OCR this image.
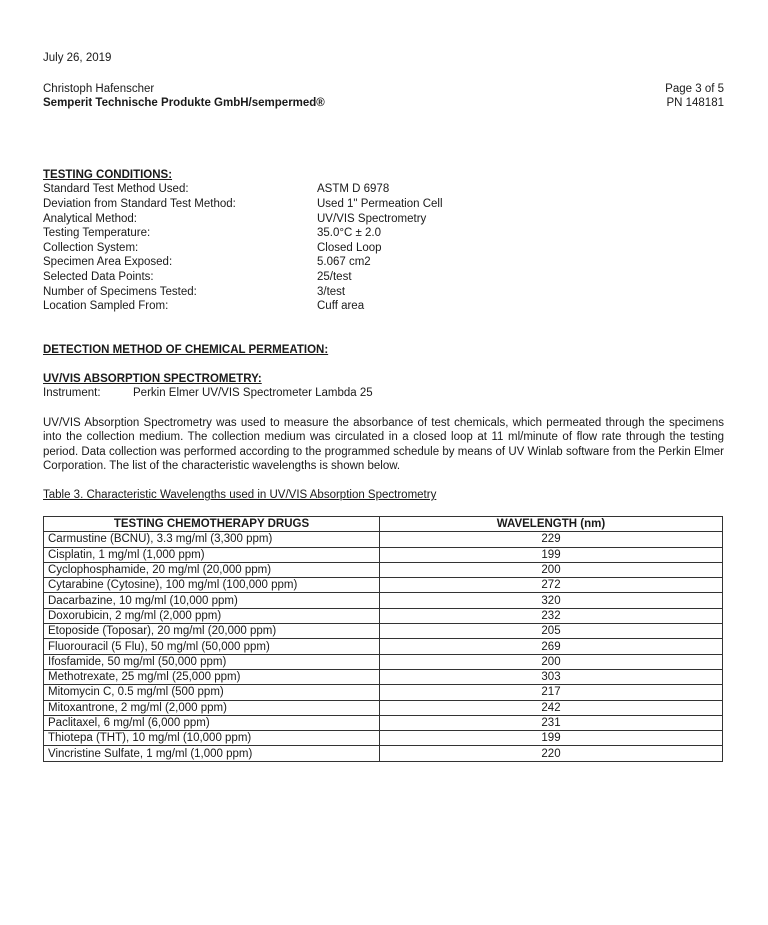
July 26, 2019
Christoph Hafenscher
Semperit Technische Produkte GmbH/sempermed®
Page 3 of 5
PN 148181
TESTING CONDITIONS:
Standard Test Method Used:	ASTM D 6978
Deviation from Standard Test Method:	Used 1" Permeation Cell
Analytical Method:	UV/VIS Spectrometry
Testing Temperature:	35.0°C ± 2.0
Collection System:	Closed Loop
Specimen Area Exposed:	5.067 cm2
Selected Data Points:	25/test
Number of Specimens Tested:	3/test
Location Sampled From:	Cuff area
DETECTION METHOD OF CHEMICAL PERMEATION:
UV/VIS ABSORPTION SPECTROMETRY:
Instrument:	Perkin Elmer UV/VIS Spectrometer Lambda 25
UV/VIS Absorption Spectrometry was used to measure the absorbance of test chemicals, which permeated through the specimens into the collection medium. The collection medium was circulated in a closed loop at 11 ml/minute of flow rate through the testing period. Data collection was performed according to the programmed schedule by means of UV Winlab software from the Perkin Elmer Corporation. The list of the characteristic wavelengths is shown below.
Table 3. Characteristic Wavelengths used in UV/VIS Absorption Spectrometry
TESTING CHEMOTHERAPY DRUGS	WAVELENGTH (nm)
Carmustine (BCNU), 3.3 mg/ml (3,300 ppm)	229
Cisplatin, 1 mg/ml (1,000 ppm)	199
Cyclophosphamide, 20 mg/ml (20,000 ppm)	200
Cytarabine (Cytosine), 100 mg/ml (100,000 ppm)	272
Dacarbazine, 10 mg/ml (10,000 ppm)	320
Doxorubicin, 2 mg/ml (2,000 ppm)	232
Etoposide (Toposar), 20 mg/ml (20,000 ppm)	205
Fluorouracil (5 Flu), 50 mg/ml (50,000 ppm)	269
Ifosfamide, 50 mg/ml (50,000 ppm)	200
Methotrexate, 25 mg/ml (25,000 ppm)	303
Mitomycin C, 0.5 mg/ml (500 ppm)	217
Mitoxantrone, 2 mg/ml (2,000 ppm)	242
Paclitaxel, 6 mg/ml (6,000 ppm)	231
Thiotepa (THT), 10 mg/ml (10,000 ppm)	199
Vincristine Sulfate, 1 mg/ml (1,000 ppm)	220
